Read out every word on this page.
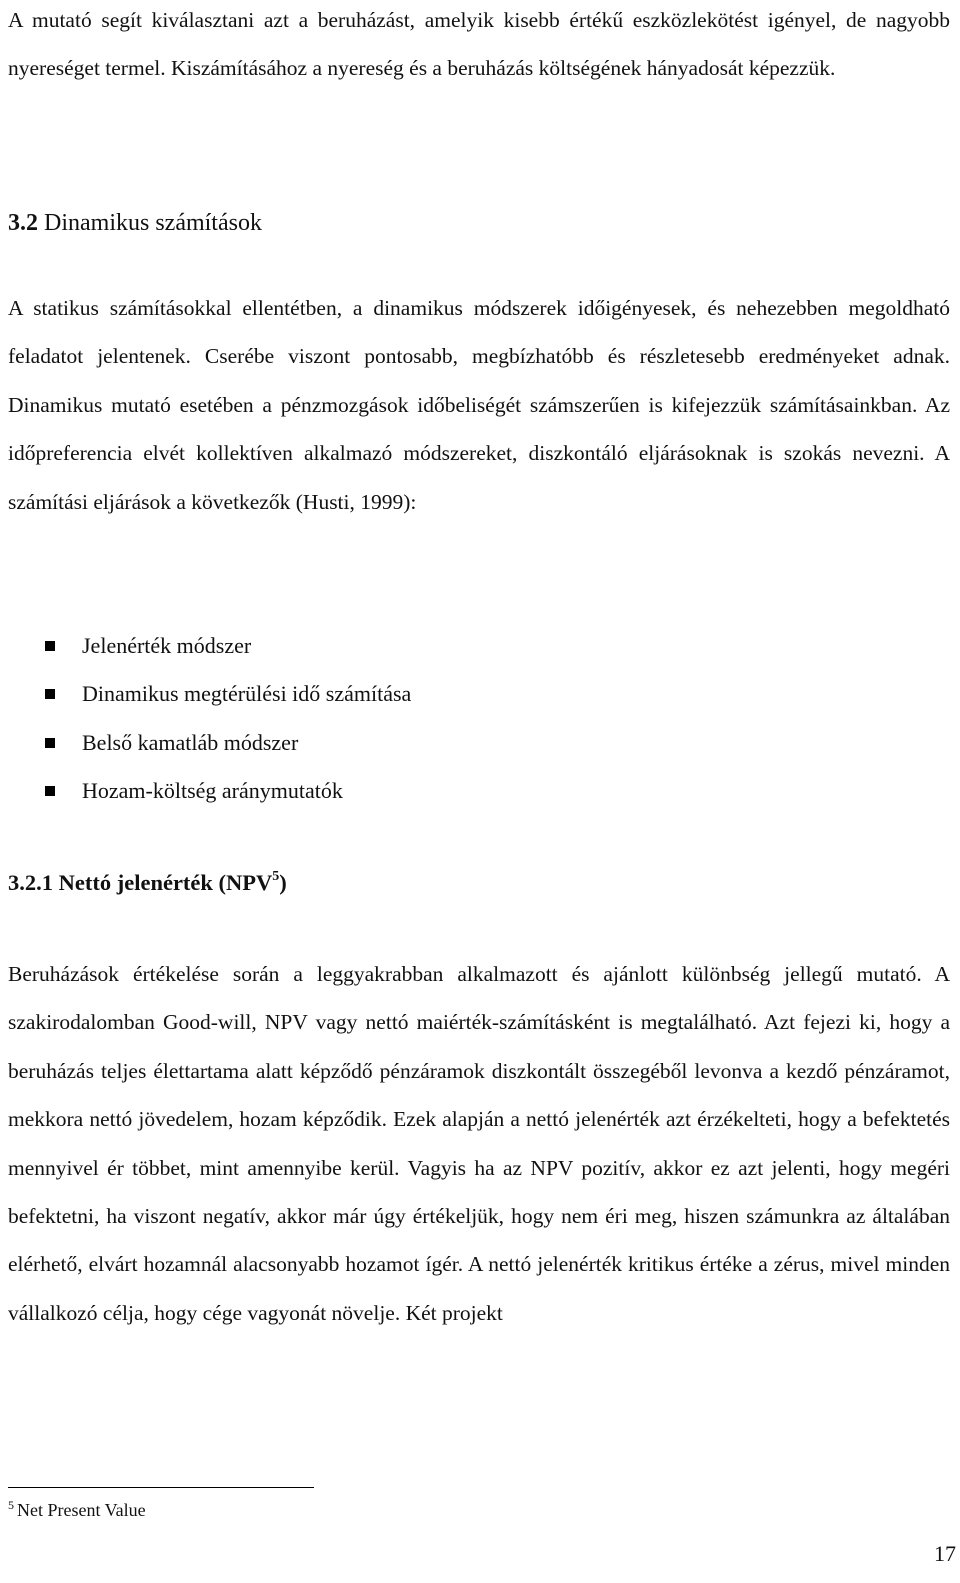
A mutató segít kiválasztani azt a beruházást, amelyik kisebb értékű eszközlekötést igényel, de nagyobb nyereséget termel. Kiszámításához a nyereség és a beruházás költségének hányadosát képezzük.

3.2 Dinamikus számítások

A statikus számításokkal ellentétben, a dinamikus módszerek időigényesek, és nehezebben megoldható feladatot jelentenek. Cserébe viszont pontosabb, megbízhatóbb és részletesebb eredményeket adnak. Dinamikus mutató esetében a pénzmozgások időbeliségét számszerűen is kifejezzük számításainkban. Az időpreferencia elvét kollektíven alkalmazó módszereket, diszkontáló eljárásoknak is szokás nevezni. A számítási eljárások a következők (Husti, 1999):

Jelenérték módszer
Dinamikus megtérülési idő számítása
Belső kamatláb módszer
Hozam-költség aránymutatók
3.2.1 Nettó jelenérték (NPV$^5$)

Beruházások értékelése során a leggyakrabban alkalmazott és ajánlott különbség jellegű mutató. A szakirodalomban Good-will, NPV vagy nettó maiérték-számításként is megtalálható. Azt fejezi ki, hogy a beruházás teljes élettartama alatt képződő pénzáramok diszkontált összegéből levonva a kezdő pénzáramot, mekkora nettó jövedelem, hozam képződik. Ezek alapján a nettó jelenérték azt érzékelteti, hogy a befektetés mennyivel ér többet, mint amennyibe kerül. Vagyis ha az NPV pozitív, akkor ez azt jelenti, hogy megéri befektetni, ha viszont negatív, akkor már úgy értékeljük, hogy nem éri meg, hiszen számunkra az általában elérhető, elvárt hozamnál alacsonyabb hozamot ígér. A nettó jelenérték kritikus értéke a zérus, mivel minden vállalkozó célja, hogy cége vagyonát növelje. Két projekt

$^5$ Net Present Value
17
